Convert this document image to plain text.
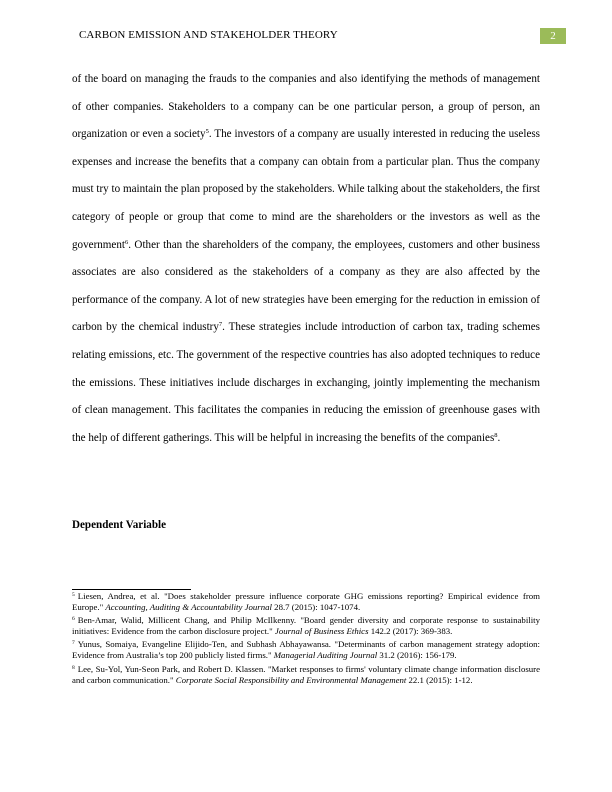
CARBON EMISSION AND STAKEHOLDER THEORY	2

of the board on managing the frauds to the companies and also identifying the methods of management of other companies. Stakeholders to a company can be one particular person, a group of person, an organization or even a society$^5$. The investors of a company are usually interested in reducing the useless expenses and increase the benefits that a company can obtain from a particular plan. Thus the company must try to maintain the plan proposed by the stakeholders. While talking about the stakeholders, the first category of people or group that come to mind are the shareholders or the investors as well as the government$^6$. Other than the shareholders of the company, the employees, customers and other business associates are also considered as the stakeholders of a company as they are also affected by the performance of the company. A lot of new strategies have been emerging for the reduction in emission of carbon by the chemical industry$^7$. These strategies include introduction of carbon tax, trading schemes relating emissions, etc. The government of the respective countries has also adopted techniques to reduce the emissions. These initiatives include discharges in exchanging, jointly implementing the mechanism of clean management. This facilitates the companies in reducing the emission of greenhouse gases with the help of different gatherings. This will be helpful in increasing the benefits of the companies$^8$.

Dependent Variable

$^5$ Liesen, Andrea, et al. "Does stakeholder pressure influence corporate GHG emissions reporting? Empirical evidence from Europe." Accounting, Auditing & Accountability Journal 28.7 (2015): 1047-1074.

$^6$ Ben-Amar, Walid, Millicent Chang, and Philip McIlkenny. "Board gender diversity and corporate response to sustainability initiatives: Evidence from the carbon disclosure project." Journal of Business Ethics 142.2 (2017): 369-383.

$^7$ Yunus, Somaiya, Evangeline Elijido-Ten, and Subhash Abhayawansa. "Determinants of carbon management strategy adoption: Evidence from Australia’s top 200 publicly listed firms." Managerial Auditing Journal 31.2 (2016): 156-179.

$^8$ Lee, Su-Yol, Yun-Seon Park, and Robert D. Klassen. "Market responses to firms' voluntary climate change information disclosure and carbon communication." Corporate Social Responsibility and Environmental Management 22.1 (2015): 1-12.
